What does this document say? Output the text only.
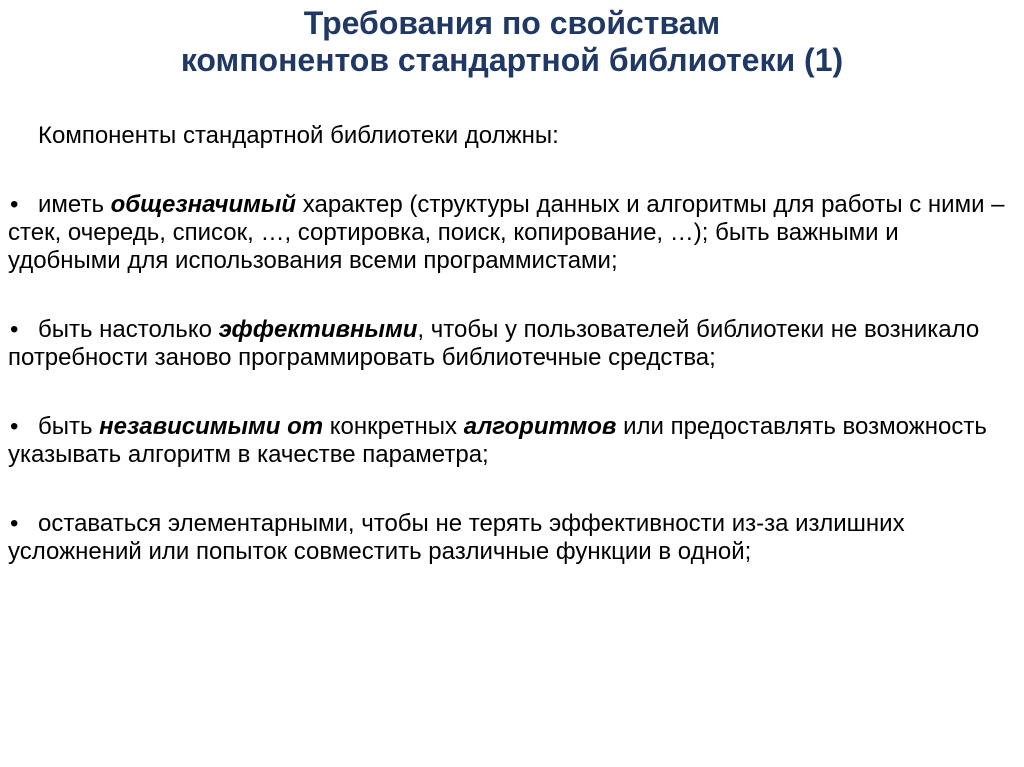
Требования по свойствам
компонентов стандартной библиотеки (1)

Компоненты стандартной библиотеки должны:

• иметь общезначимый характер (структуры данных и алгоритмы для работы с ними – стек, очередь, список, …, сортировка, поиск, копирование, …); быть важными и удобными для использования всеми программистами;

• быть настолько эффективными, чтобы у пользователей библиотеки не возникало потребности заново программировать библиотечные средства;

• быть независимыми от конкретных алгоритмов или предоставлять возможность указывать алгоритм в качестве параметра;

• оставаться элементарными, чтобы не терять эффективности из-за излишних усложнений или попыток совместить различные функции в одной;
